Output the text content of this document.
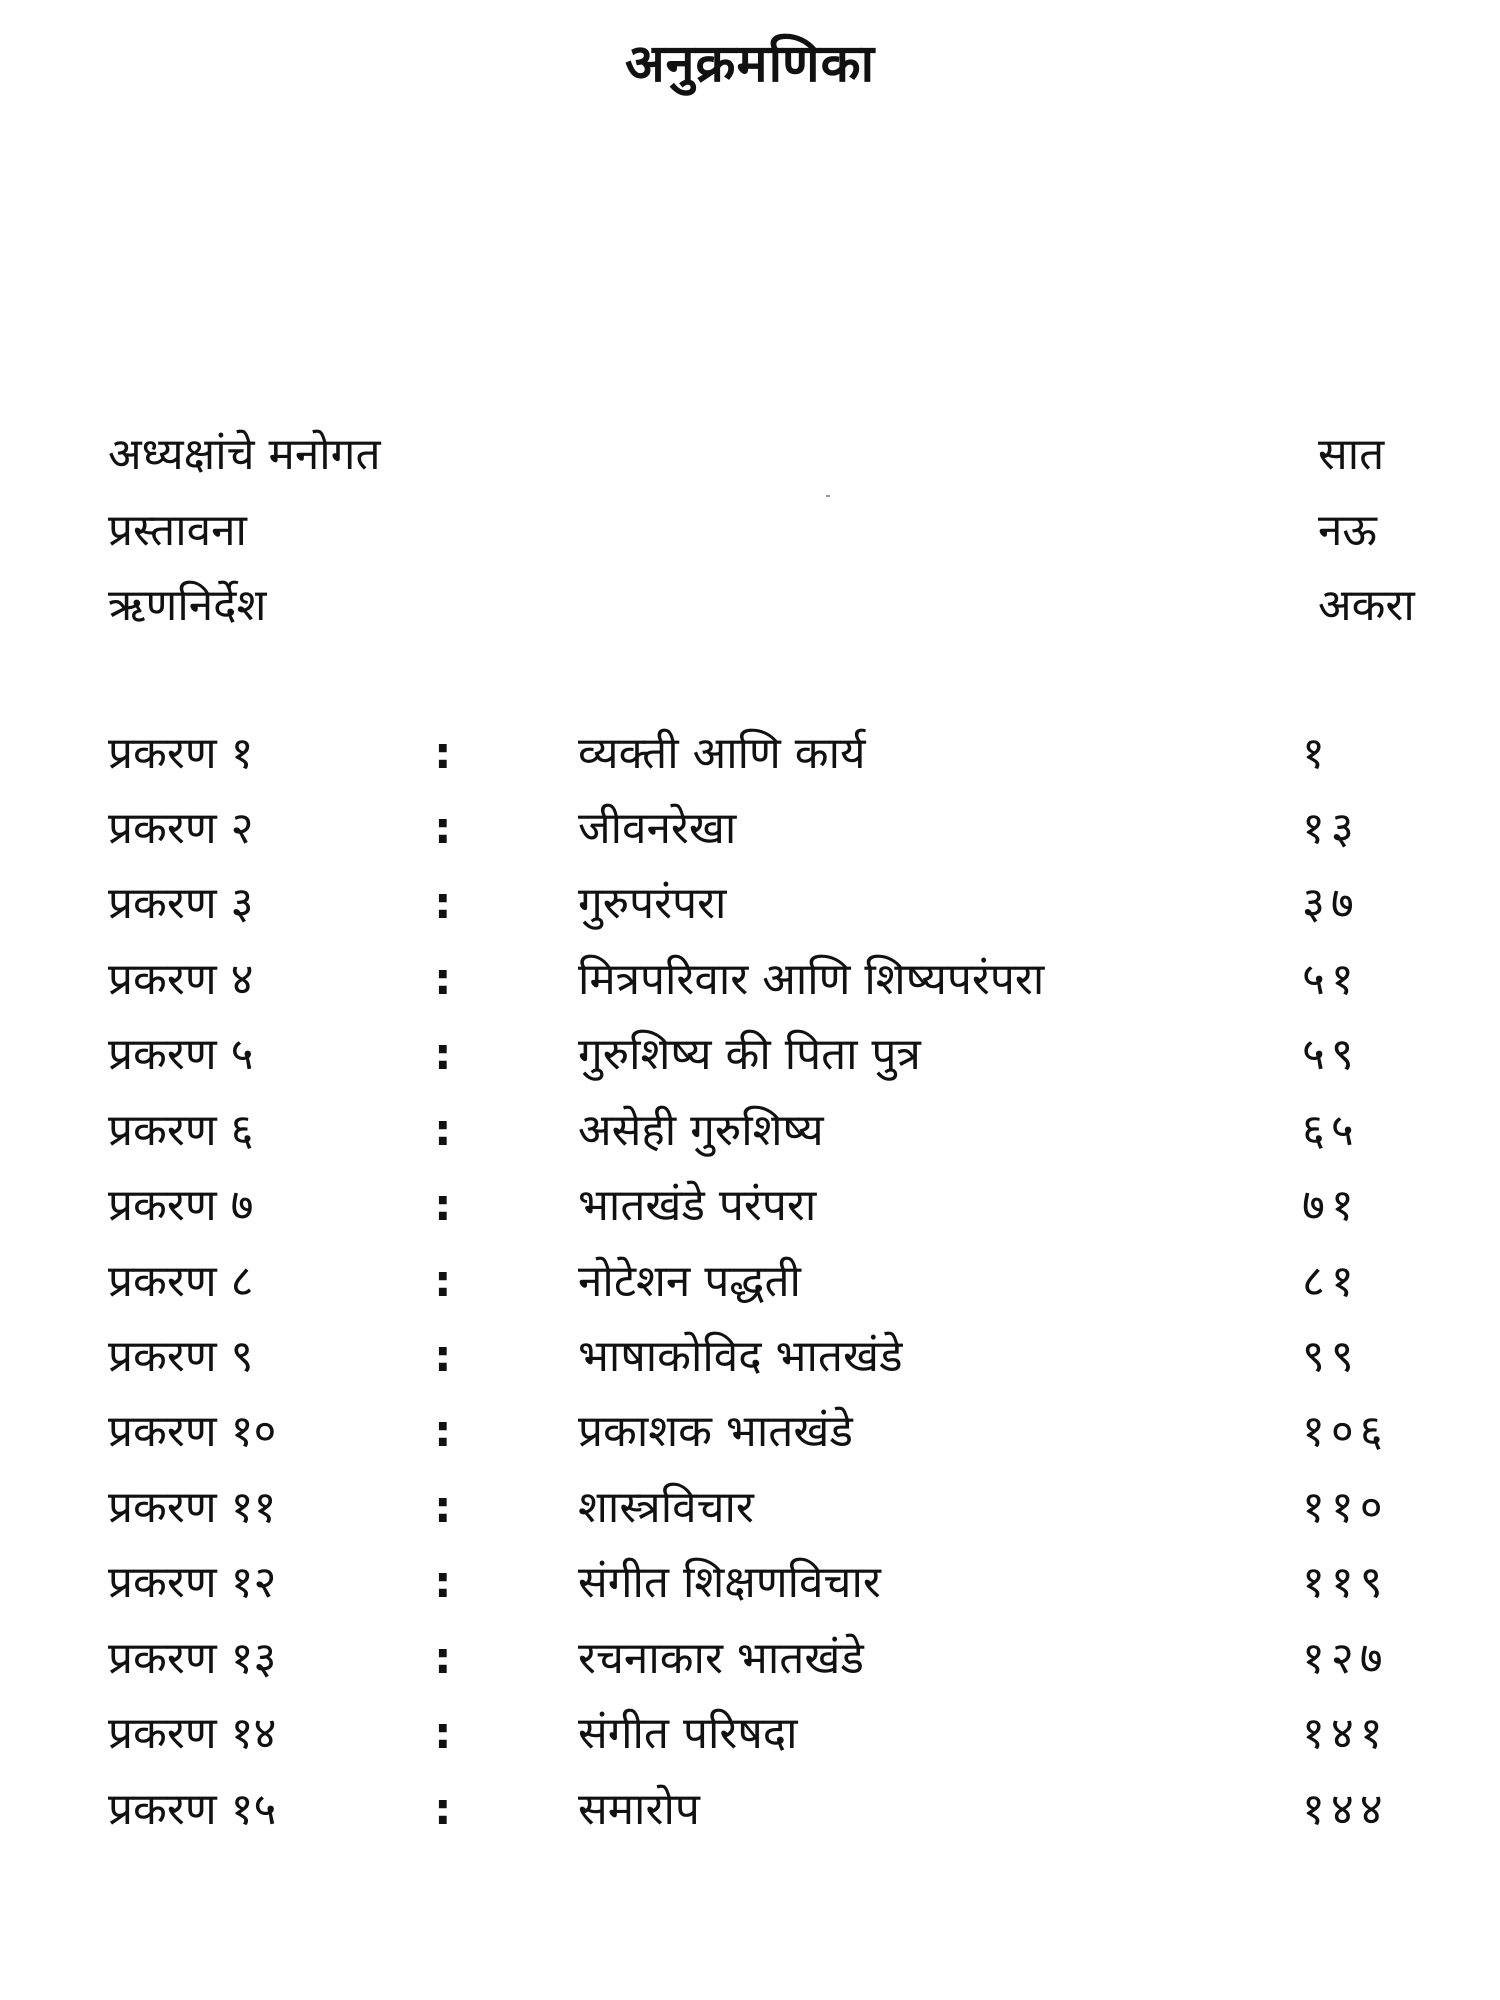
अनुक्रमणिका
अध्यक्षांचे मनोगत	सात
प्रस्तावना	नऊ
ऋणनिर्देश	अकरा
प्रकरण १	:	व्यक्ती आणि कार्य	१
प्रकरण २	:	जीवनरेखा	१३
प्रकरण ३	:	गुरुपरंपरा	३७
प्रकरण ४	:	मित्रपरिवार आणि शिष्यपरंपरा	५१
प्रकरण ५	:	गुरुशिष्य की पिता पुत्र	५९
प्रकरण ६	:	असेही गुरुशिष्य	६५
प्रकरण ७	:	भातखंडे परंपरा	७१
प्रकरण ८	:	नोटेशन पद्धती	८१
प्रकरण ९	:	भाषाकोविद भातखंडे	९९
प्रकरण १०	:	प्रकाशक भातखंडे	१०६
प्रकरण ११	:	शास्त्रविचार	११०
प्रकरण १२	:	संगीत शिक्षणविचार	११९
प्रकरण १३	:	रचनाकार भातखंडे	१२७
प्रकरण १४	:	संगीत परिषदा	१४१
प्रकरण १५	:	समारोप	१४४
